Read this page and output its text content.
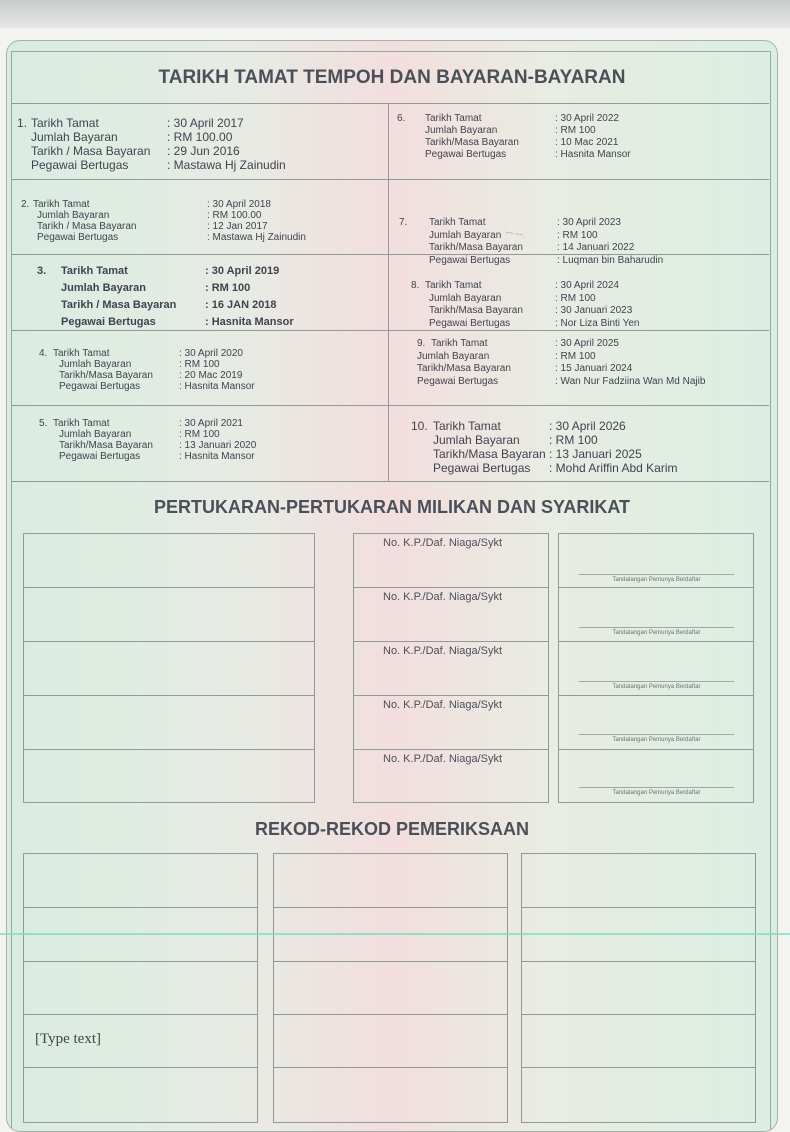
TARIKH TAMAT TEMPOH DAN BAYARAN-BAYARAN
~~ ~~.
1. Tarikh Tamat	: 30 April 2017
Jumlah Bayaran	: RM 100.00
Tarikh / Masa Bayaran : 29 Jun 2016
Pegawai Bertugas	: Mastawa Hj Zainudin
2. Tarikh Tamat	: 30 April 2018
Jumlah Bayaran	: RM 100.00
Tarikh / Masa Bayaran	: 12 Jan 2017
Pegawai Bertugas	: Mastawa Hj Zainudin
3. Tarikh Tamat	: 30 April 2019
Jumlah Bayaran	: RM 100
Tarikh / Masa Bayaran	: 16 JAN 2018
Pegawai Bertugas	: Hasnita Mansor
4. Tarikh Tamat	: 30 April 2020
Jumlah Bayaran	: RM 100
Tarikh/Masa Bayaran	: 20 Mac 2019
Pegawai Bertugas	: Hasnita Mansor
5. Tarikh Tamat	: 30 April 2021
Jumlah Bayaran	: RM 100
Tarikh/Masa Bayaran	: 13 Januari 2020
Pegawai Bertugas	: Hasnita Mansor
6. Tarikh Tamat	: 30 April 2022
Jumlah Bayaran	: RM 100
Tarikh/Masa Bayaran	: 10 Mac 2021
Pegawai Bertugas	: Hasnita Mansor
7. Tarikh Tamat	: 30 April 2023
Jumlah Bayaran	: RM 100
Tarikh/Masa Bayaran	: 14 Januari 2022
Pegawai Bertugas	: Luqman bin Baharudin
8. Tarikh Tamat	: 30 April 2024
Jumlah Bayaran	: RM 100
Tarikh/Masa Bayaran	: 30 Januari 2023
Pegawai Bertugas	: Nor Liza Binti Yen
9. Tarikh Tamat	: 30 April 2025
Jumlah Bayaran	: RM 100
Tarikh/Masa Bayaran	: 15 Januari 2024
Pegawai Bertugas	: Wan Nur Fadziina Wan Md Najib
10. Tarikh Tamat	: 30 April 2026
Jumlah Bayaran : RM 100
Tarikh/Masa Bayaran : 13 Januari 2025
Pegawai Bertugas : Mohd Ariffin Abd Karim
PERTUKARAN-PERTUKARAN MILIKAN DAN SYARIKAT
No. K.P./Daf. Niaga/Sykt
No. K.P./Daf. Niaga/Sykt
No. K.P./Daf. Niaga/Sykt
No. K.P./Daf. Niaga/Sykt
No. K.P./Daf. Niaga/Sykt
Tandatangan Pemunya Berdaftar
Tandatangan Pemunya Berdaftar
Tandatangan Pemunya Berdaftar
Tandatangan Pemunya Berdaftar
Tandatangan Pemunya Berdaftar
REKOD-REKOD PEMERIKSAAN
[Type text]
